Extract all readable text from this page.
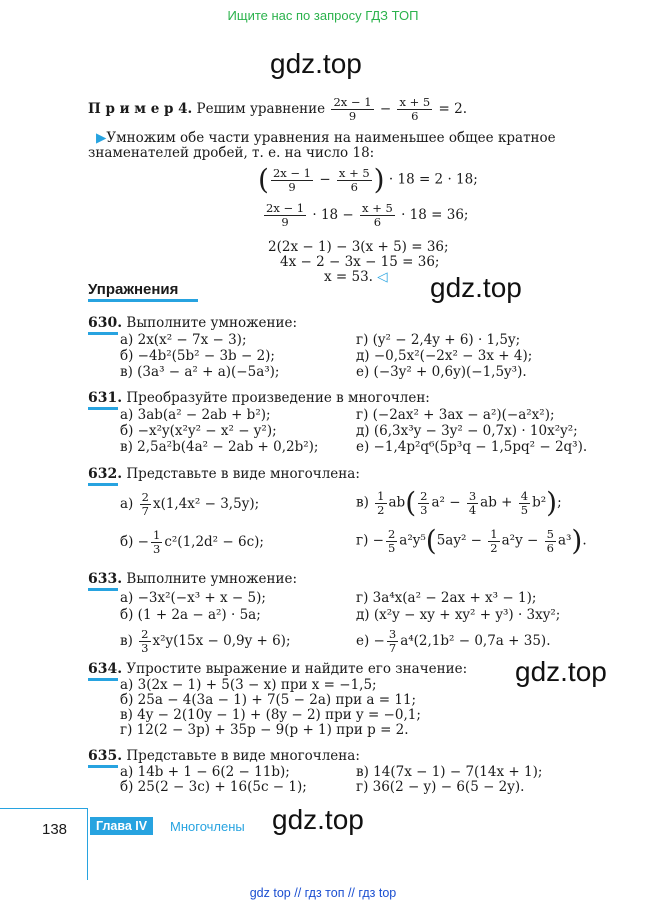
Ищите нас по запросу ГДЗ ТОП
gdz.top
gdz.top
gdz.top
gdz.top
П р и м е р 4. Решим уравнение $\frac{2x - 1}{9} - \frac{x + 5}{6} = 2$.
▶Умножим обе части уравнения на наименьшее общее кратное
знаменателей дробей, т. е. на число 18:
( $\frac{2x - 1}{9} - \frac{x + 5}{6}$ ) · 18 = 2 · 18;
$\frac{2x - 1}{9} \cdot 18 - \frac{x + 5}{6} \cdot 18 = 36$;
2(2x − 1) − 3(x + 5) = 36;
4x − 2 − 3x − 15 = 36;
x = 53. ◁
Упражнения
630. Выполните умножение:
а) 2x(x² − 7x − 3);	г) (y² − 2,4y + 6) · 1,5y;
б) −4b²(5b² − 3b − 2);	д) −0,5x²(−2x² − 3x + 4);
в) (3a³ − a² + a)(−5a³);	е) (−3y² + 0,6y)(−1,5y³).
631. Преобразуйте произведение в многочлен:
а) 3ab(a² − 2ab + b²);	г) (−2ax² + 3ax − a²)(−a²x²);
б) −x²y(x²y² − x² − y²);	д) (6,3x³y − 3y² − 0,7x) · 10x²y²;
в) 2,5a²b(4a² − 2ab + 0,2b²);	е) −1,4p²q⁶(5p³q − 1,5pq² − 2q³).
632. Представьте в виде многочлена:
$а) \frac{2}{7} x(1,4x^2 - 3,5y)$;	$в) \frac{1}{2} ab( \frac{2}{3} a^2 - \frac{3}{4}$ ab + $\frac{4}{5} b^2$);
$б) - \frac{1}{3} c^2(1,2d^2 - 6c)$;	$г) - \frac{2}{5} a^2y^5(5ay^2 - \frac{1}{2} a^2y - \frac{5}{6} a^3)$.
633. Выполните умножение:
а) −3x²(−x³ + x − 5);	г) 3a⁴x(a² − 2ax + x³ − 1);
б) (1 + 2a − a²) · 5a;	д) (x²y − xy + xy² + y³) · 3xy²;
$в) \frac{2}{3} x^2y(15x - 0,9y + 6)$;	$е) - \frac{3}{7} a^4(2,1b^2 - 0,7a + 35)$.
634. Упростите выражение и найдите его значение:
а) 3(2x − 1) + 5(3 − x) при x = −1,5;
б) 25a − 4(3a − 1) + 7(5 − 2a) при a = 11;
в) 4y − 2(10y − 1) + (8y − 2) при y = −0,1;
г) 12(2 − 3p) + 35p − 9(p + 1) при p = 2.
635. Представьте в виде многочлена:
а) 14b + 1 − 6(2 − 11b);	в) 14(7x − 1) − 7(14x + 1);
б) 25(2 − 3c) + 16(5c − 1);	г) 36(2 − y) − 6(5 − 2y).
138	Глава IV	Многочлены
gdz top // гдз топ // гдз top
